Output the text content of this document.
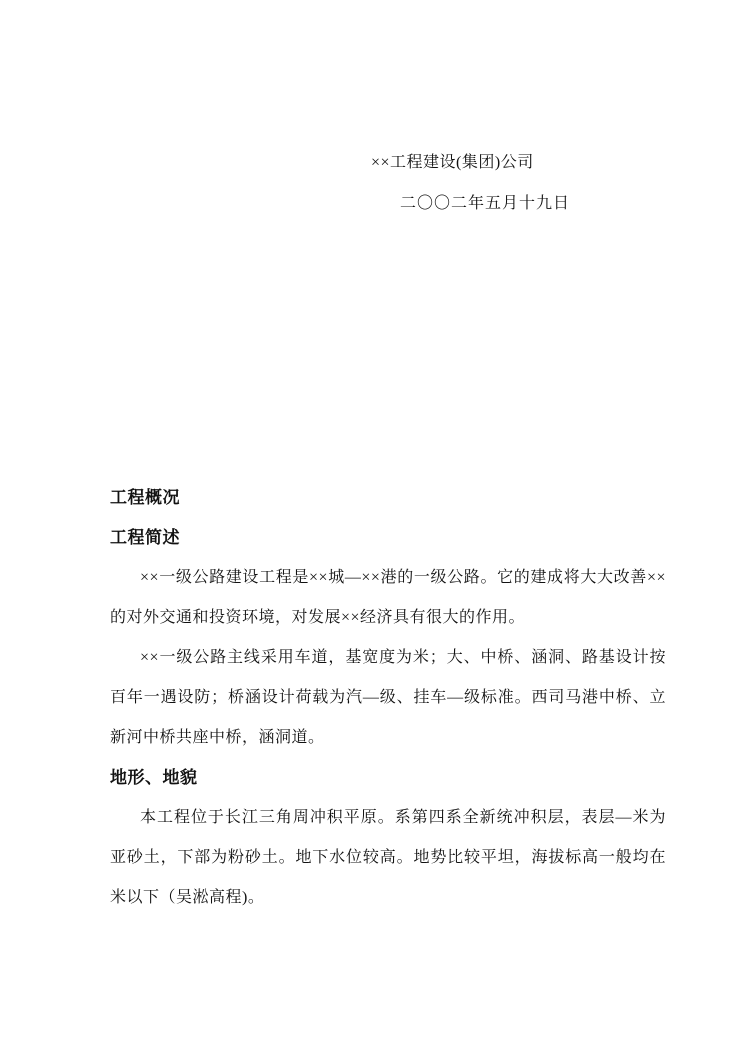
××工程建设(集团)公司

二〇〇二年五月十九日

工程概况
工程简述

××一级公路建设工程是××城—××港的一级公路。它的建成将大大改善××的对外交通和投资环境，对发展××经济具有很大的作用。

××一级公路主线采用车道，基宽度为米；大、中桥、涵洞、路基设计按百年一遇设防；桥涵设计荷载为汽—级、挂车—级标准。西司马港中桥、立新河中桥共座中桥，涵洞道。

地形、地貌

本工程位于长江三角周冲积平原。系第四系全新统冲积层，表层—米为亚砂土，下部为粉砂土。地下水位较高。地势比较平坦，海拔标高一般均在米以下（吴淞高程)。
